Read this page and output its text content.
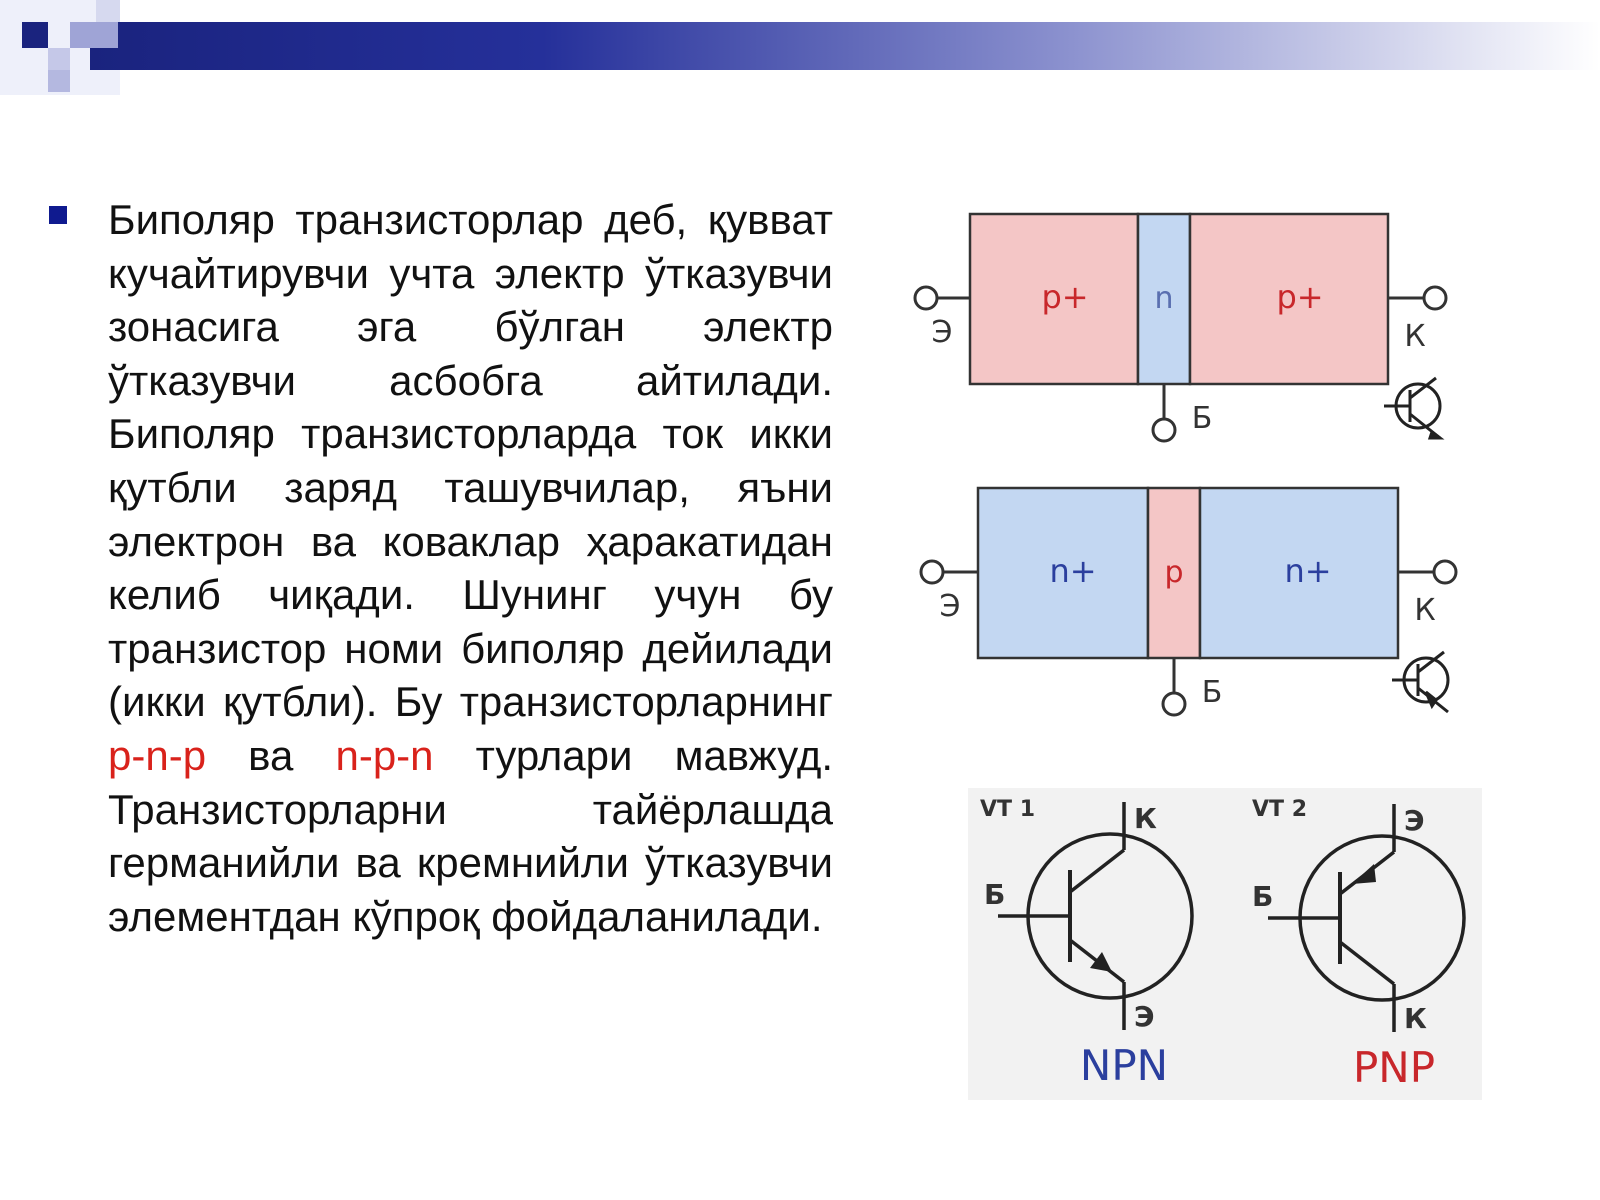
Биполяр транзисторлар деб, қувват кучайтирувчи учта электр ўтказувчи зонасига эга бўлган электр ўтказувчи асбобга айтилади. Биполяр транзисторларда ток икки қутбли заряд ташувчилар, яъни электрон ва коваклар ҳаракатидан келиб чиқади. Шунинг учун бу транзистор номи биполяр дейилади (икки қутбли). Бу транзисторларнинг p-n-p ва n-p-n турлари мавжуд. Транзисторларни тайёрлашда германийли ва кремнийли ўтказувчи элементдан кўпроқ фойдаланилади.

p+ n	p+
Э	К
Б
n+ p	n+
Э	К
Б
VT 1
Б
К
Э
NPN
VT 2
Б
Э
К
PNP
